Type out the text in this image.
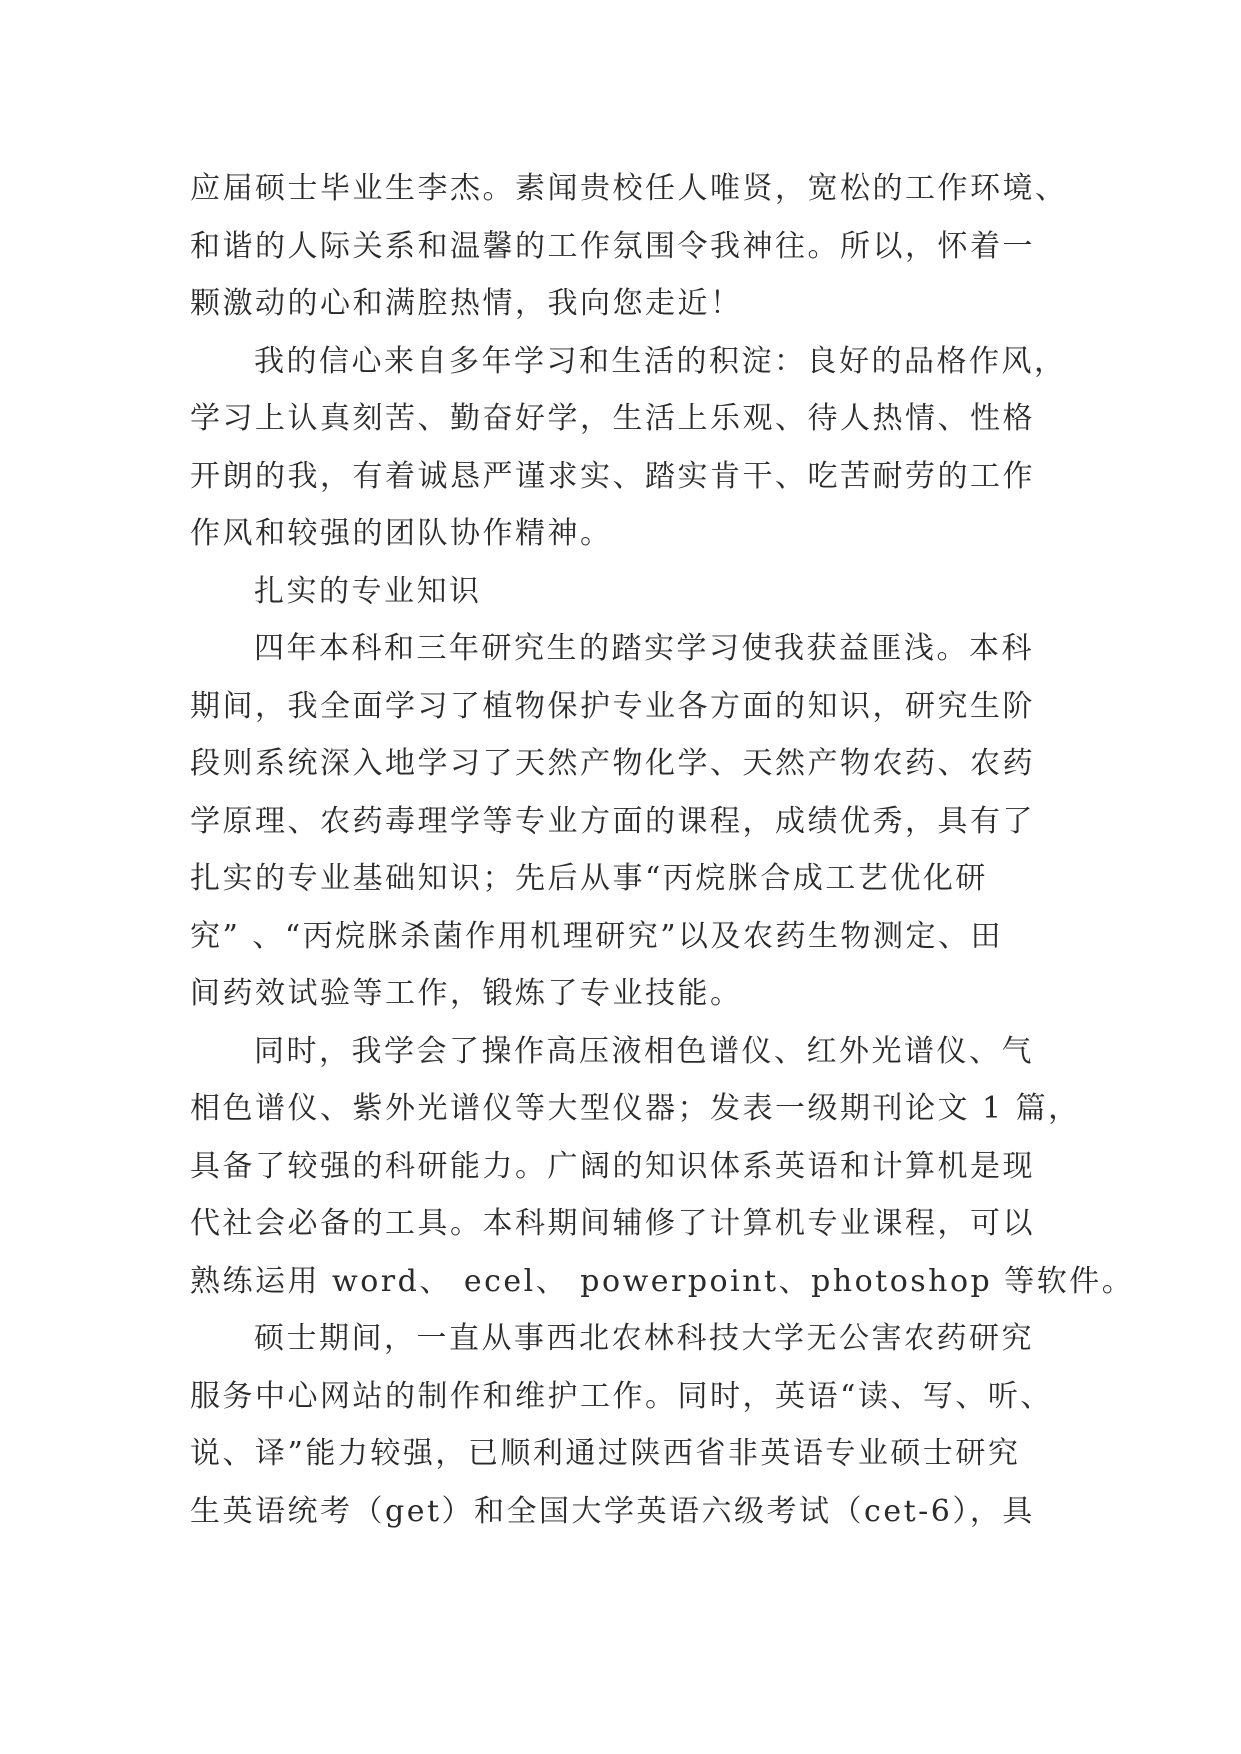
应届硕士毕业生李杰。素闻贵校任人唯贤，宽松的工作环境、
和谐的人际关系和温馨的工作氛围令我神往。所以，怀着一
颗激动的心和满腔热情，我向您走近！
我的信心来自多年学习和生活的积淀：良好的品格作风，
学习上认真刻苦、勤奋好学，生活上乐观、待人热情、性格
开朗的我，有着诚恳严谨求实、踏实肯干、吃苦耐劳的工作
作风和较强的团队协作精神。
扎实的专业知识
四年本科和三年研究生的踏实学习使我获益匪浅。本科
期间，我全面学习了植物保护专业各方面的知识，研究生阶
段则系统深入地学习了天然产物化学、天然产物农药、农药
学原理、农药毒理学等专业方面的课程，成绩优秀，具有了
扎实的专业基础知识；先后从事“丙烷脒合成工艺优化研
究” 、“丙烷脒杀菌作用机理研究”以及农药生物测定、田
间药效试验等工作，锻炼了专业技能。
同时，我学会了操作高压液相色谱仪、红外光谱仪、气
相色谱仪、紫外光谱仪等大型仪器；发表一级期刊论文 1 篇，
具备了较强的科研能力。广阔的知识体系英语和计算机是现
代社会必备的工具。本科期间辅修了计算机专业课程，可以
熟练运用 word、 ecel、 powerpoint、photoshop 等软件。
硕士期间，一直从事西北农林科技大学无公害农药研究
服务中心网站的制作和维护工作。同时，英语“读、写、听、
说、译”能力较强，已顺利通过陕西省非英语专业硕士研究
生英语统考（get）和全国大学英语六级考试（cet-6），具
